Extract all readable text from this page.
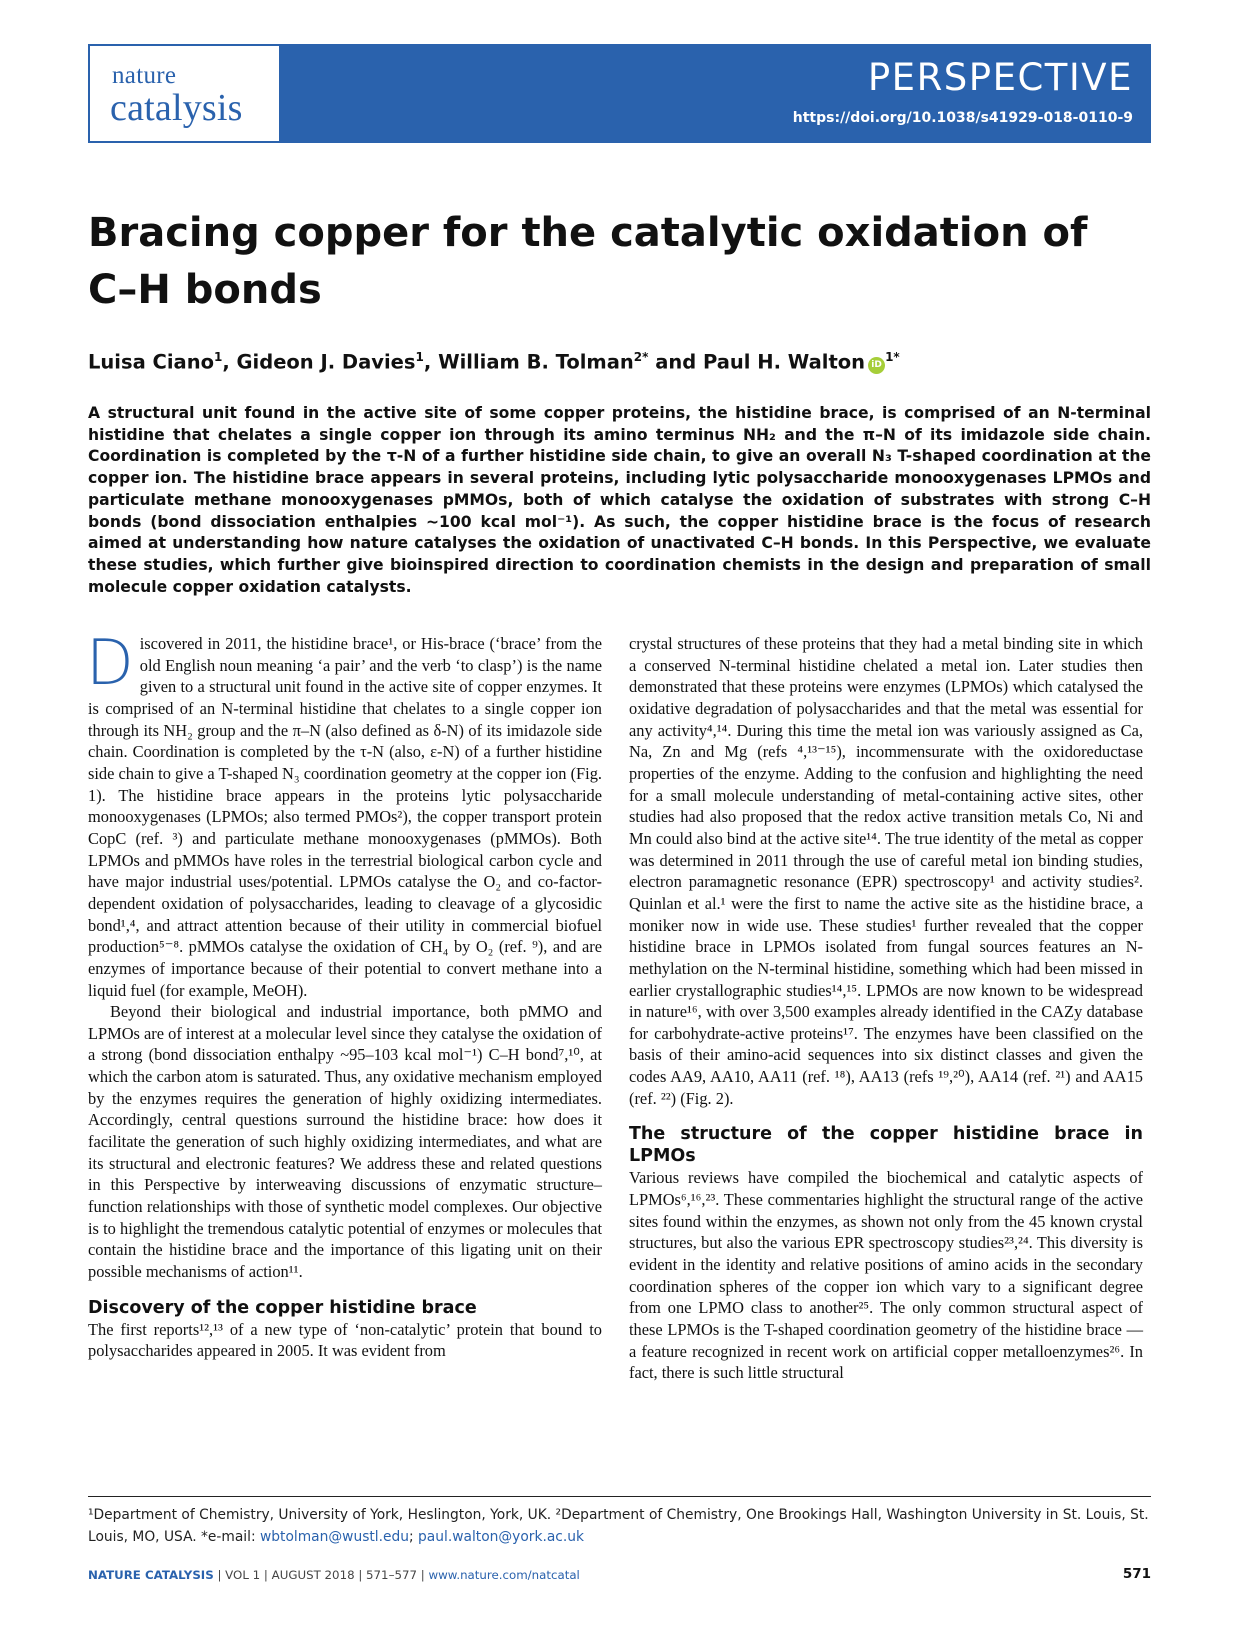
nature
catalysis
PERSPECTIVE
https://doi.org/10.1038/s41929-018-0110-9
Bracing copper for the catalytic oxidation of
C–H bonds
Luisa Ciano$^1$, Gideon J. Davies$^1$, William B. Tolman$^{2*}$ and Paul H. Walton $iD^{1*}$

A structural unit found in the active site of some copper proteins, the histidine brace, is comprised of an N-terminal histidine that chelates a single copper ion through its amino terminus NH₂ and the π–N of its imidazole side chain. Coordination is completed by the τ-N of a further histidine side chain, to give an overall N₃ T-shaped coordination at the copper ion. The histidine brace appears in several proteins, including lytic polysaccharide monooxygenases LPMOs and particulate methane monooxygenases pMMOs, both of which catalyse the oxidation of substrates with strong C–H bonds (bond dissociation enthalpies ~100 kcal mol⁻¹). As such, the copper histidine brace is the focus of research aimed at understanding how nature catalyses the oxidation of unactivated C–H bonds. In this Perspective, we evaluate these studies, which further give bioinspired direction to coordination chemists in the design and preparation of small molecule copper oxidation catalysts.

Discovered in 2011, the histidine brace¹, or His-brace (‘brace’ from the old English noun meaning ‘a pair’ and the verb ‘to clasp’) is the name given to a structural unit found in the active site of copper enzymes. It is comprised of an N-terminal histidine that chelates to a single copper ion through its NH₂ group and the π–N (also defined as δ-N) of its imidazole side chain. Coordination is completed by the τ-N (also, ε-N) of a further histidine side chain to give a T-shaped N₃ coordination geometry at the copper ion (Fig. 1). The histidine brace appears in the proteins lytic polysaccharide monooxygenases (LPMOs; also termed PMOs²), the copper transport protein CopC (ref. ³) and particulate methane monooxygenases (pMMOs). Both LPMOs and pMMOs have roles in the terrestrial biological carbon cycle and have major industrial uses/potential. LPMOs catalyse the O₂ and co-factor-dependent oxidation of polysaccharides, leading to cleavage of a glycosidic bond¹,⁴, and attract attention because of their utility in commercial biofuel production⁵⁻⁸. pMMOs catalyse the oxidation of CH₄ by O₂ (ref. ⁹), and are enzymes of importance because of their potential to convert methane into a liquid fuel (for example, MeOH).

Beyond their biological and industrial importance, both pMMO and LPMOs are of interest at a molecular level since they catalyse the oxidation of a strong (bond dissociation enthalpy ~95–103 kcal mol⁻¹) C–H bond⁷,¹⁰, at which the carbon atom is saturated. Thus, any oxidative mechanism employed by the enzymes requires the generation of highly oxidizing intermediates. Accordingly, central questions surround the histidine brace: how does it facilitate the generation of such highly oxidizing intermediates, and what are its structural and electronic features? We address these and related questions in this Perspective by interweaving discussions of enzymatic structure–function relationships with those of synthetic model complexes. Our objective is to highlight the tremendous catalytic potential of enzymes or molecules that contain the histidine brace and the importance of this ligating unit on their possible mechanisms of action¹¹.

Discovery of the copper histidine brace

The first reports¹²,¹³ of a new type of ‘non-catalytic’ protein that bound to polysaccharides appeared in 2005. It was evident from

crystal structures of these proteins that they had a metal binding site in which a conserved N-terminal histidine chelated a metal ion. Later studies then demonstrated that these proteins were enzymes (LPMOs) which catalysed the oxidative degradation of polysaccharides and that the metal was essential for any activity⁴,¹⁴. During this time the metal ion was variously assigned as Ca, Na, Zn and Mg (refs ⁴,¹³⁻¹⁵), incommensurate with the oxidoreductase properties of the enzyme. Adding to the confusion and highlighting the need for a small molecule understanding of metal-containing active sites, other studies had also proposed that the redox active transition metals Co, Ni and Mn could also bind at the active site¹⁴. The true identity of the metal as copper was determined in 2011 through the use of careful metal ion binding studies, electron paramagnetic resonance (EPR) spectroscopy¹ and activity studies². Quinlan et al.¹ were the first to name the active site as the histidine brace, a moniker now in wide use. These studies¹ further revealed that the copper histidine brace in LPMOs isolated from fungal sources features an N-methylation on the N-terminal histidine, something which had been missed in earlier crystallographic studies¹⁴,¹⁵. LPMOs are now known to be widespread in nature¹⁶, with over 3,500 examples already identified in the CAZy database for carbohydrate-active proteins¹⁷. The enzymes have been classified on the basis of their amino-acid sequences into six distinct classes and given the codes AA9, AA10, AA11 (ref. ¹⁸), AA13 (refs ¹⁹,²⁰), AA14 (ref. ²¹) and AA15 (ref. ²²) (Fig. 2).

The structure of the copper histidine brace in LPMOs

Various reviews have compiled the biochemical and catalytic aspects of LPMOs⁶,¹⁶,²³. These commentaries highlight the structural range of the active sites found within the enzymes, as shown not only from the 45 known crystal structures, but also the various EPR spectroscopy studies²³,²⁴. This diversity is evident in the identity and relative positions of amino acids in the secondary coordination spheres of the copper ion which vary to a significant degree from one LPMO class to another²⁵. The only common structural aspect of these LPMOs is the T-shaped coordination geometry of the histidine brace — a feature recognized in recent work on artificial copper metalloenzymes²⁶. In fact, there is such little structural

¹Department of Chemistry, University of York, Heslington, York, UK. ²Department of Chemistry, One Brookings Hall, Washington University in St. Louis, St. Louis, MO, USA. *e-mail: wbtolman@wustl.edu; paul.walton@york.ac.uk

NATURE CATALYSIS | VOL 1 | AUGUST 2018 | 571–577 | www.nature.com/natcatal	571
